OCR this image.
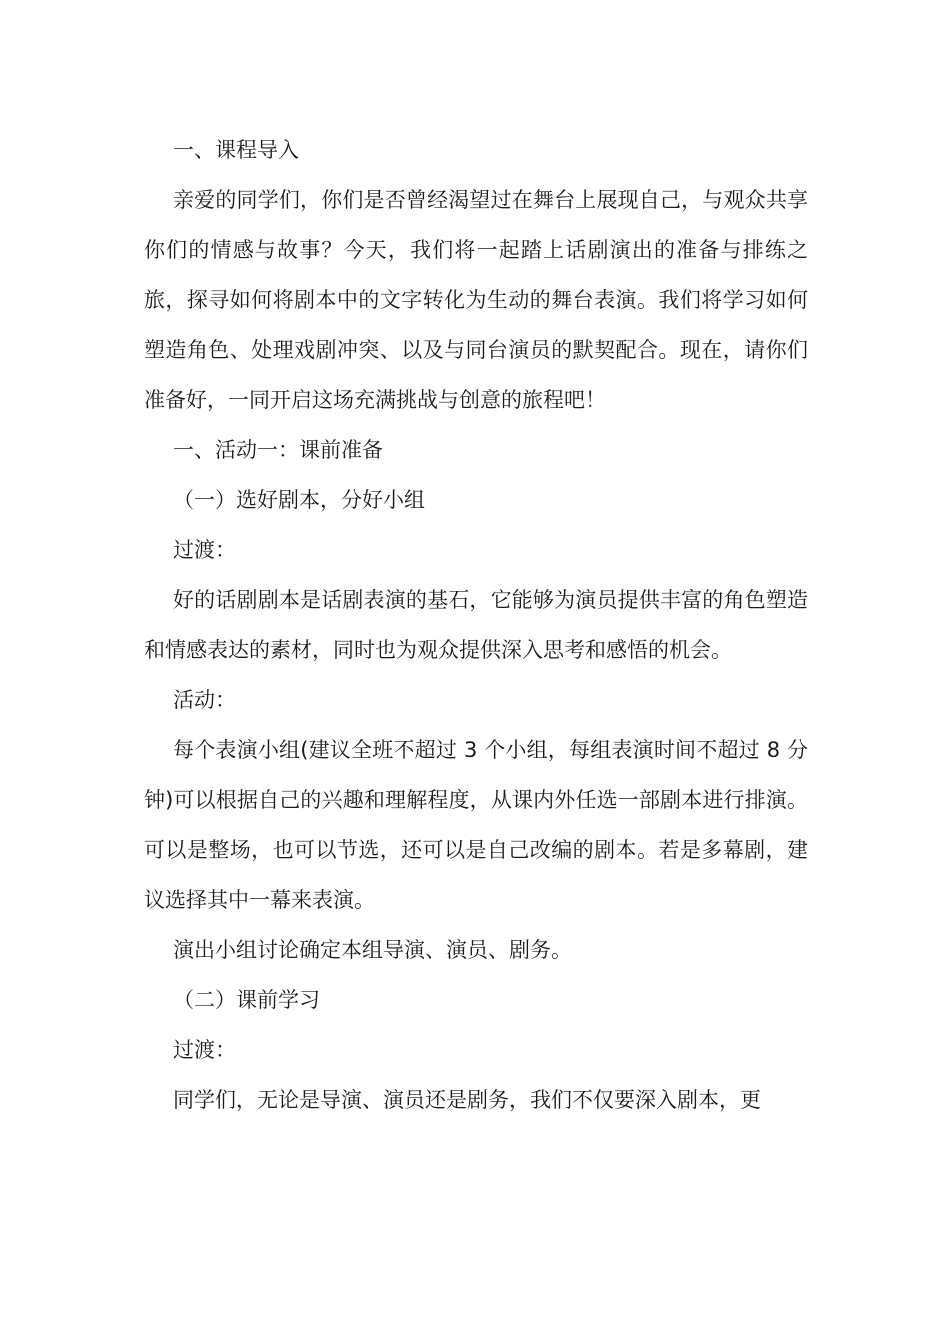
一、课程导入

亲爱的同学们，你们是否曾经渴望过在舞台上展现自己，与观众共享你们的情感与故事？今天，我们将一起踏上话剧演出的准备与排练之旅，探寻如何将剧本中的文字转化为生动的舞台表演。我们将学习如何塑造角色、处理戏剧冲突、以及与同台演员的默契配合。现在，请你们准备好，一同开启这场充满挑战与创意的旅程吧！

一、活动一：课前准备

（一）选好剧本，分好小组

过渡：

好的话剧剧本是话剧表演的基石，它能够为演员提供丰富的角色塑造和情感表达的素材，同时也为观众提供深入思考和感悟的机会。

活动：

每个表演小组(建议全班不超过 3 个小组，每组表演时间不超过 8 分钟)可以根据自己的兴趣和理解程度，从课内外任选一部剧本进行排演。可以是整场，也可以节选，还可以是自己改编的剧本。若是多幕剧，建议选择其中一幕来表演。

演出小组讨论确定本组导演、演员、剧务。

（二）课前学习

过渡：

同学们，无论是导演、演员还是剧务，我们不仅要深入剧本，更
